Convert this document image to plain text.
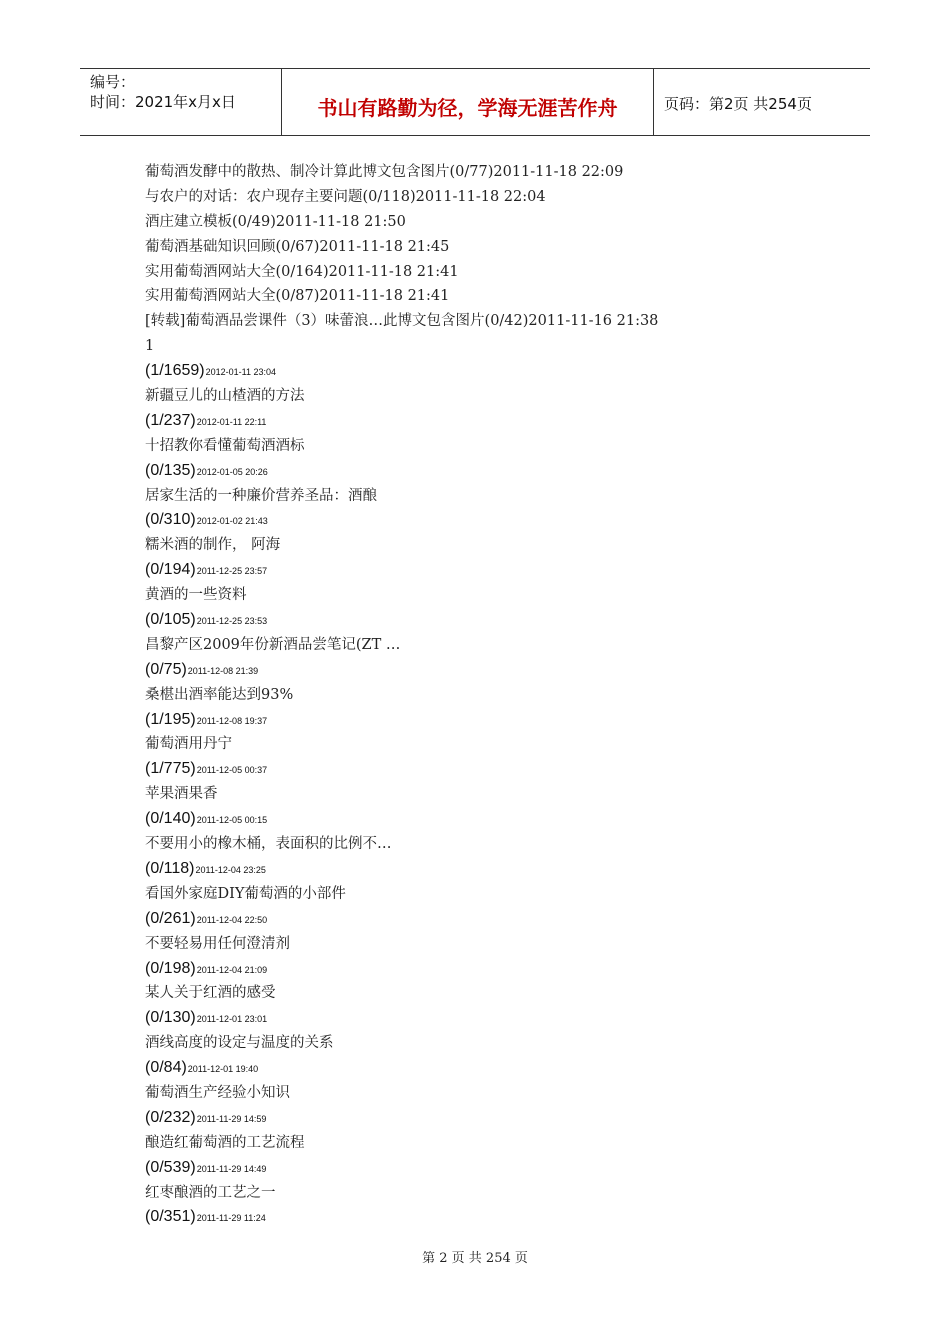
编号：
时间：2021年x月x日	书山有路勤为径，学海无涯苦作舟	页码：第2页 共254页
葡萄酒发酵中的散热、制冷计算此博文包含图片(0/77)2011-11-18 22:09
与农户的对话：农户现存主要问题(0/118)2011-11-18 22:04
酒庄建立模板(0/49)2011-11-18 21:50
葡萄酒基础知识回顾(0/67)2011-11-18 21:45
实用葡萄酒网站大全(0/164)2011-11-18 21:41
实用葡萄酒网站大全(0/87)2011-11-18 21:41
[转载]葡萄酒品尝课件（3）味蕾浪…此博文包含图片(0/42)2011-11-16 21:38
1
(1/1659)2012-01-11 23:04
新疆豆儿的山楂酒的方法
(1/237)2012-01-11 22:11
十招教你看懂葡萄酒酒标
(0/135)2012-01-05 20:26
居家生活的一种廉价营养圣品：酒酿
(0/310)2012-01-02 21:43
糯米酒的制作， 阿海
(0/194)2011-12-25 23:57
黄酒的一些资料
(0/105)2011-12-25 23:53
昌黎产区2009年份新酒品尝笔记(ZT …
(0/75)2011-12-08 21:39
桑椹出酒率能达到93%
(1/195)2011-12-08 19:37
葡萄酒用丹宁
(1/775)2011-12-05 00:37
苹果酒果香
(0/140)2011-12-05 00:15
不要用小的橡木桶，表面积的比例不…
(0/118)2011-12-04 23:25
看国外家庭DIY葡萄酒的小部件
(0/261)2011-12-04 22:50
不要轻易用任何澄清剂
(0/198)2011-12-04 21:09
某人关于红酒的感受
(0/130)2011-12-01 23:01
酒线高度的设定与温度的关系
(0/84)2011-12-01 19:40
葡萄酒生产经验小知识
(0/232)2011-11-29 14:59
酿造红葡萄酒的工艺流程
(0/539)2011-11-29 14:49
红枣酿酒的工艺之一
(0/351)2011-11-29 11:24
第 2 页 共 254 页
